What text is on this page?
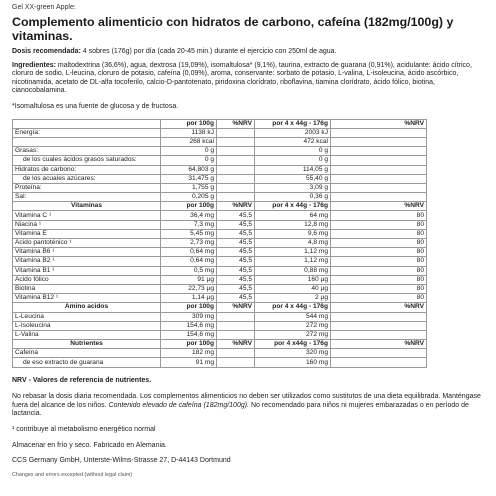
Gel XX-green Apple:
Complemento alimenticio con hidratos de carbono, cafeína (182mg/100g) y vitaminas.

Dosis recomendada: 4 sobres (176g) por día (cada 20-45 min.) durante el ejercicio con 250ml de agua.

Ingredientes: maltodextrina (36,6%), agua, dextrosa (19,09%), isomaltulosa* (9,1%), taurina, extracto de guarana (0,91%), acidulante: ácido cítrico, cloruro de sodio, L-leucina, cloruro de potasio, cafeína (0,09%), aroma, conservante: sorbato de potasio, L-valina, L-isoleucina, ácido ascórbico, nicotinamida, acetato de DL-alfa tocoferilo, calcio-D-pantotenato, piridoxina clorídrato, riboflavina, tiamina clorídrato, ácido fólico, biotina, cianocobalamina.

*Isomaltulosa es una fuente de glucosa y de fructosa.

	por 100g	%NRV	por 4 x 44g - 176g	%NRV
Energía:	1138 kJ		2003 kJ	
	268 kcal		472 kcal	
Grasas:	0 g		0 g	
de los cuales ácidos grasos saturados:	0 g		0 g	
Hidratos de carbono:	64,803 g		114,05 g	
de los acuales azúcares:	31,475 g		55,40 g	
Proteína:	1,755 g		3,09 g	
Sal:	0,205 g		0,36 g	
Vitaminas	por 100g	%NRV	por 4 x 44g - 176g	%NRV
Vitamina C ¹	36,4 mg	45,5	64 mg	80
Niacina ¹	7,3 mg	45,5	12,8 mg	80
Vitamina E	5,45 mg	45,5	9,6 mg	80
Ácido pantoténico ¹	2,73 mg	45,5	4,8 mg	80
Vitamina B6 ¹	0,64 mg	45,5	1,12 mg	80
Vitamina B2 ¹	0,64 mg	45,5	1,12 mg	80
Vitamina B1 ¹	0,5 mg	45,5	0,88 mg	80
Ácido fólico	91 µg	45,5	160 µg	80
Biotina	22,73 µg	45,5	40 µg	80
Vitamina B12 ¹	1,14 µg	45,5	2 µg	80
Amino acidos	por 100g	%NRV	por 4 x 44g - 176g	%NRV
L-Leucina	309 mg		544 mg	
L-Isoleucina	154,6 mg		272 mg	
L-Valina	154,6 mg		272 mg	
Nutrientes	por 100g	%NRV	por 4 x44g - 176g	%NRV
Cafeína	182 mg		320 mg	
de eso extracto de guarana	91 mg		160 mg	

NRV - Valores de referencia de nutrientes.

No rebasar la dosis diaria recomendada. Los complementos alimenticios no deben ser utilizados como sustitutos de una dieta equilibrada. Manténgase fuera del alcance de los niños. Contenido elevado de cafeína (182mg/100g). No recomendado para niños ni mujeres embarazadas o en período de lactancia.

¹ contribuye al metabolismo energético normal

Almacenar en frío y seco. Fabricado en Alemania.

CCS Germany GmbH, Unterste-Wilms-Strasse 27, D-44143 Dortmund

Changes and errors excepted (without legal claim)
